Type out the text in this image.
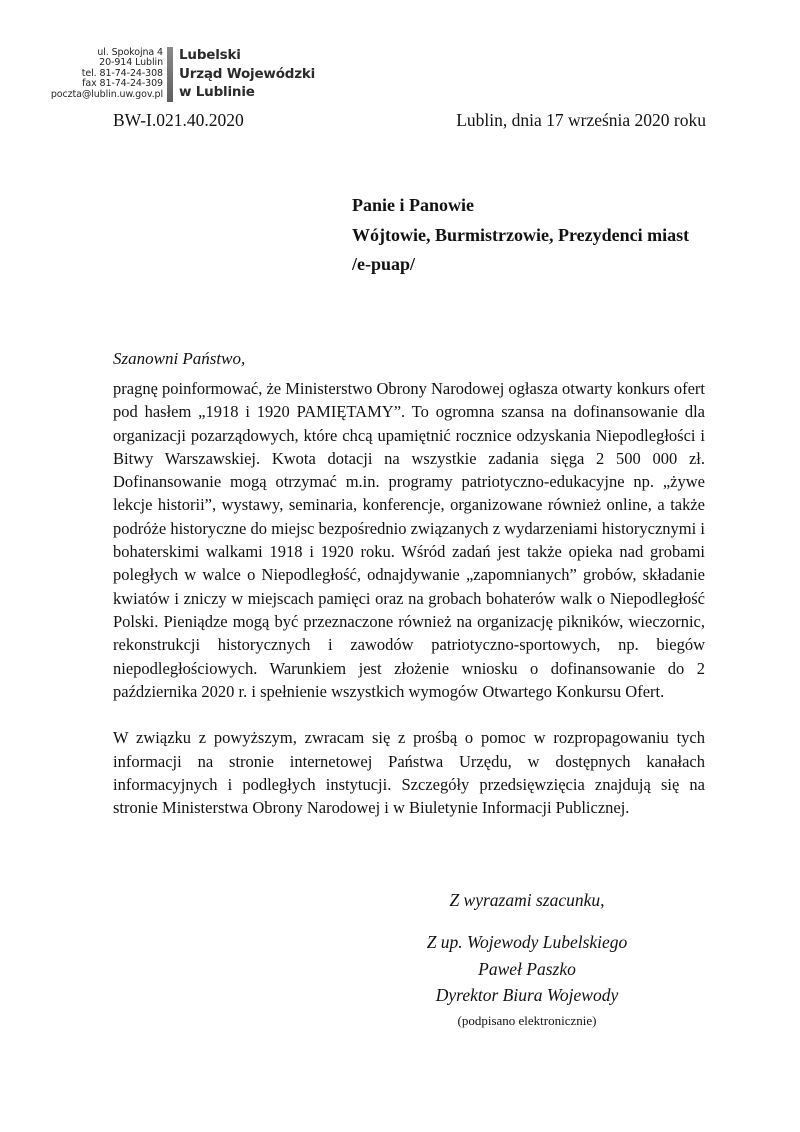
ul. Spokojna 4
20-914 Lublin
tel. 81-74-24-308
fax 81-74-24-309
poczta@lublin.uw.gov.pl
Lubelski
Urząd Wojewódzki
w Lublinie
BW-I.021.40.2020	Lublin, dnia 17 września 2020 roku
Panie i Panowie
Wójtowie, Burmistrzowie, Prezydenci miast
/e-puap/
Szanowni Państwo,

pragnę poinformować, że Ministerstwo Obrony Narodowej ogłasza otwarty konkurs ofert pod hasłem „1918 i 1920 PAMIĘTAMY”. To ogromna szansa na dofinansowanie dla organizacji pozarządowych, które chcą upamiętnić rocznice odzyskania Niepodległości i Bitwy Warszawskiej. Kwota dotacji na wszystkie zadania sięga 2 500 000 zł. Dofinansowanie mogą otrzymać m.in. programy patriotyczno-edukacyjne np. „żywe lekcje historii”, wystawy, seminaria, konferencje, organizowane również online, a także podróże historyczne do miejsc bezpośrednio związanych z wydarzeniami historycznymi i bohaterskimi walkami 1918 i 1920 roku. Wśród zadań jest także opieka nad grobami poległych w walce o Niepodległość, odnajdywanie „zapomnianych” grobów, składanie kwiatów i zniczy w miejscach pamięci oraz na grobach bohaterów walk o Niepodległość Polski. Pieniądze mogą być przeznaczone również na organizację pikników, wieczornic, rekonstrukcji historycznych i zawodów patriotyczno-sportowych, np. biegów niepodległościowych. Warunkiem jest złożenie wniosku o dofinansowanie do 2 października 2020 r. i spełnienie wszystkich wymogów Otwartego Konkursu Ofert.

W związku z powyższym, zwracam się z prośbą o pomoc w rozpropagowaniu tych informacji na stronie internetowej Państwa Urzędu, w dostępnych kanałach informacyjnych i podległych instytucji. Szczegóły przedsięwzięcia znajdują się na stronie Ministerstwa Obrony Narodowej i w Biuletynie Informacji Publicznej.

Z wyrazami szacunku,
Z up. Wojewody Lubelskiego
Paweł Paszko
Dyrektor Biura Wojewody
(podpisano elektronicznie)
